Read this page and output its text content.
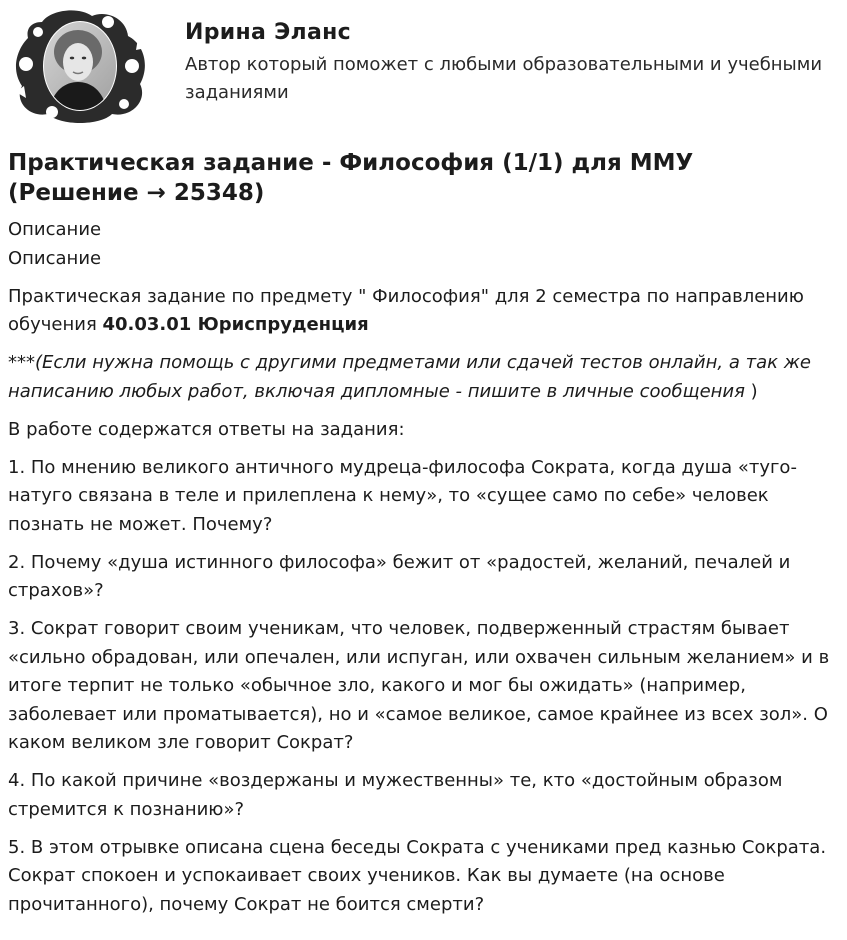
Ирина Эланс
Автор который поможет с любыми образовательными и учебными заданиями
Практическая задание - Философия (1/1) для ММУ (Решение → 25348)

Описание

Описание

Практическая задание по предмету " Философия" для 2 семестра по направлению обучения 40.03.01 Юриспруденция

***(Если нужна помощь с другими предметами или сдачей тестов онлайн, а так же написанию любых работ, включая дипломные - пишите в личные сообщения )

В работе содержатся ответы на задания:

1. По мнению великого античного мудреца-философа Сократа, когда душа «туго-натуго связана в теле и прилеплена к нему», то «сущее само по себе» человек познать не может. Почему?

2. Почему «душа истинного философа» бежит от «радостей, желаний, печалей и страхов»?

3. Сократ говорит своим ученикам, что человек, подверженный страстям бывает «сильно обрадован, или опечален, или испуган, или охвачен сильным желанием» и в итоге терпит не только «обычное зло, какого и мог бы ожидать» (например, заболевает или проматывается), но и «самое великое, самое крайнее из всех зол». О каком великом зле говорит Сократ?

4. По какой причине «воздержаны и мужественны» те, кто «достойным образом стремится к познанию»?

5. В этом отрывке описана сцена беседы Сократа с учениками пред казнью Сократа. Сократ спокоен и успокаивает своих учеников. Как вы думаете (на основе прочитанного), почему Сократ не боится смерти?
